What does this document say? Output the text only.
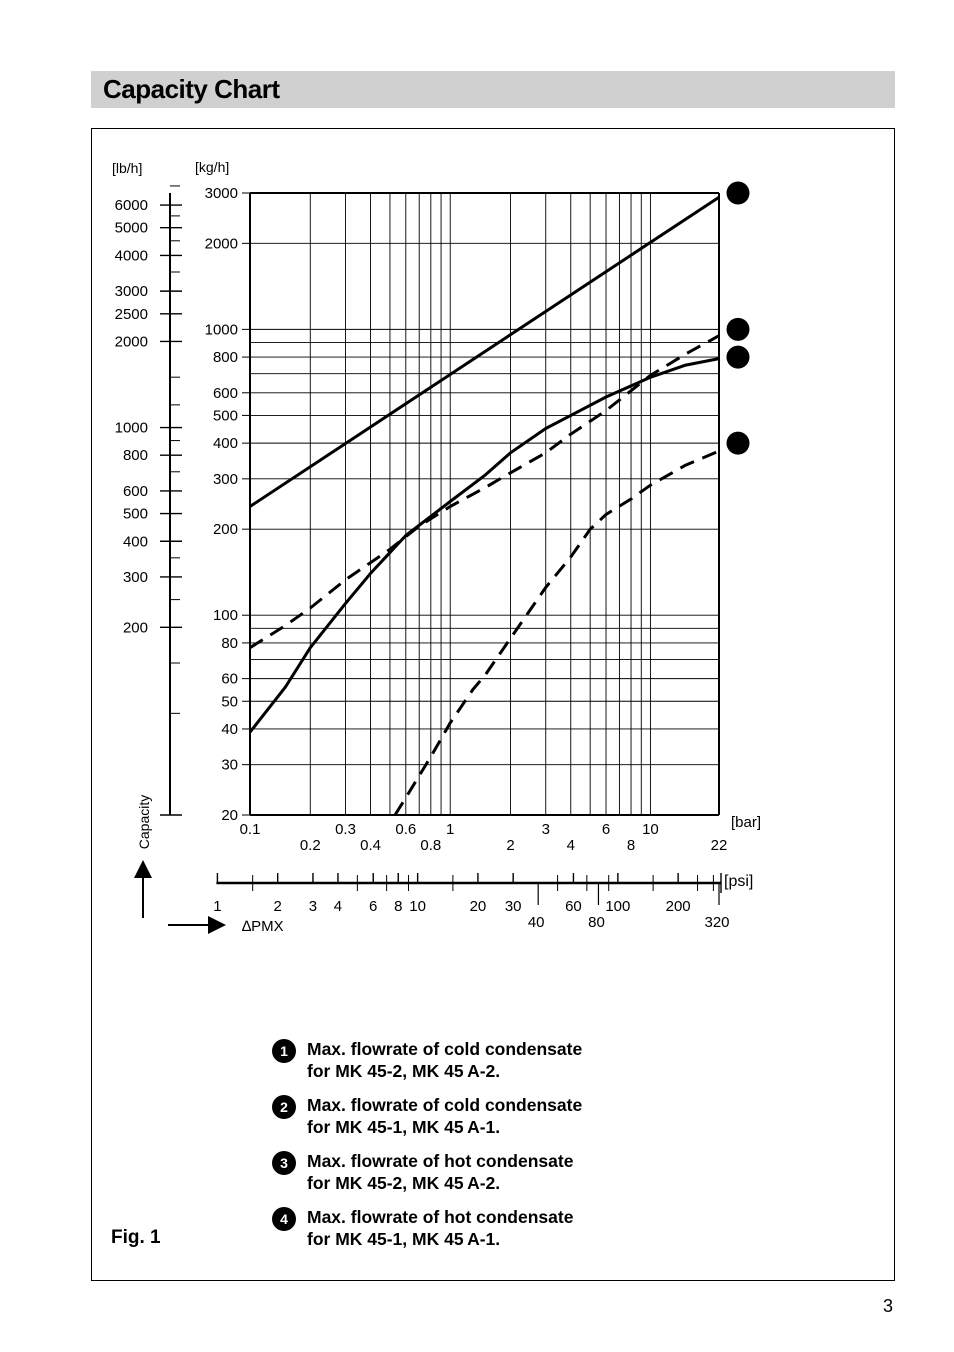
Capacity Chart
3000
2000
1000
800
600
500
400
300
200
100
80
60
50
40
30
20
[kg/h]
6000
5000
4000
3000
2500
2000
1000
800
600
500
400
300
200
[lb/h]
Capacity	0.1	0.3	0.6 1	3	6 10
0.2	0.4	0.8	2	4	8	22
[bar]
1	2 3 4 6 8 10	20 30	60 100 200
40	80	320
[psi]
∆PMX
1
2
3
4
1	Max. flowrate of cold condensate
for MK 45-2, MK 45 A-2.
2	Max. flowrate of cold condensate
for MK 45-1, MK 45 A-1.
3	Max. flowrate of hot condensate
for MK 45-2, MK 45 A-2.
4	Max. flowrate of hot condensate
for MK 45-1, MK 45 A-1.
Fig. 1
3
